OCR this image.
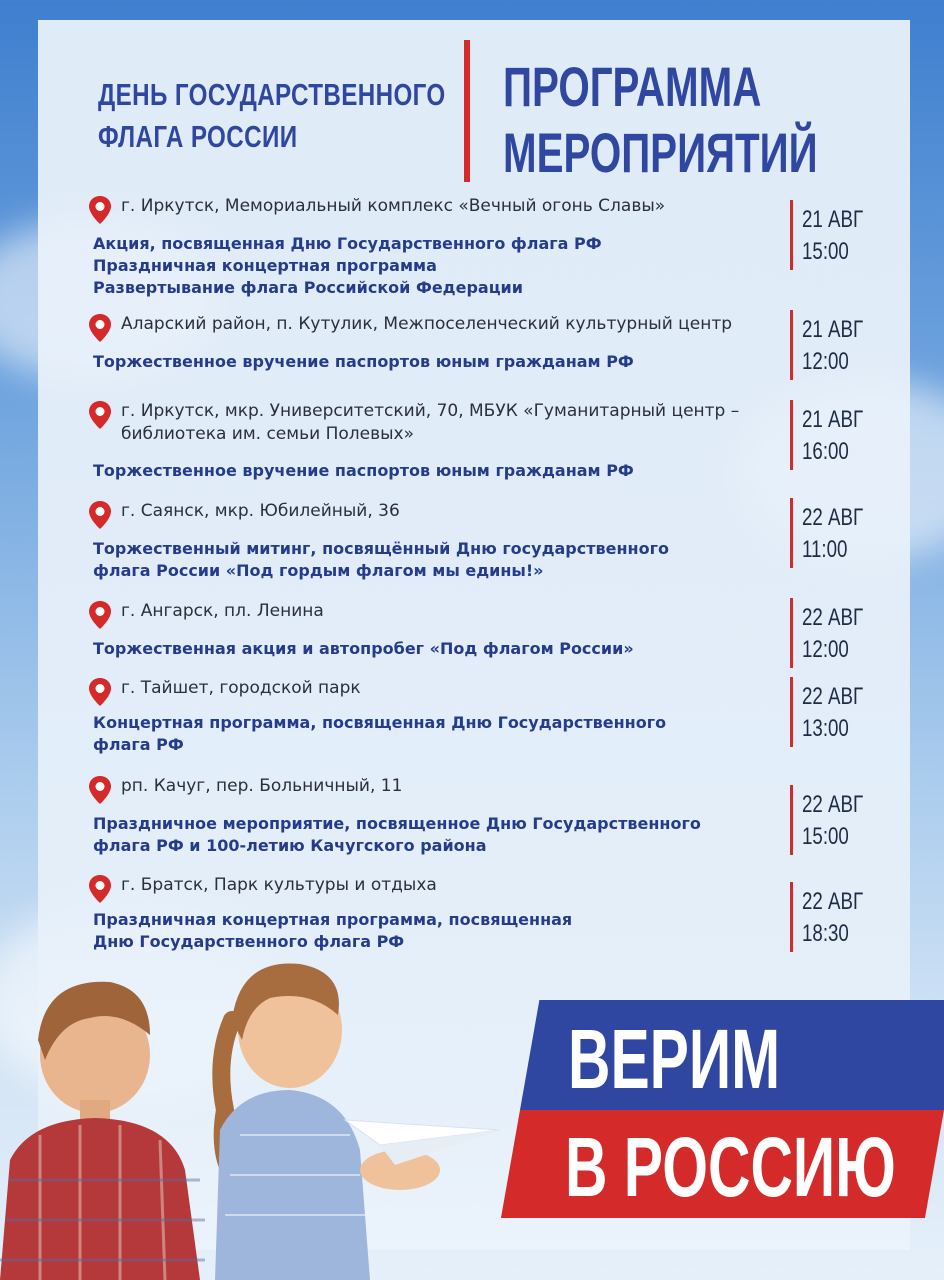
ДЕНЬ ГОСУДАРСТВЕННОГО
ФЛАГА РОССИИ
ПРОГРАММА
МЕРОПРИЯТИЙ
г. Иркутск, Мемориальный комплекс «Вечный огонь Славы»
Акция, посвященная Дню Государственного флага РФ
Праздничная концертная программа
Развертывание флага Российской Федерации
21 АВГ
15:00
Аларский район, п. Кутулик, Межпоселенческий культурный центр
Торжественное вручение паспортов юным гражданам РФ
21 АВГ
12:00
г. Иркутск, мкр. Университетский, 70, МБУК «Гуманитарный центр –
библиотека им. семьи Полевых»
Торжественное вручение паспортов юным гражданам РФ
21 АВГ
16:00
г. Саянск, мкр. Юбилейный, 36
Торжественный митинг, посвящённый Дню государственного
флага России «Под гордым флагом мы едины!»
22 АВГ
11:00
г. Ангарск, пл. Ленина
Торжественная акция и автопробег «Под флагом России»
22 АВГ
12:00
г. Тайшет, городской парк
Концертная программа, посвященная Дню Государственного
флага РФ
22 АВГ
13:00
рп. Качуг, пер. Больничный, 11
Праздничное мероприятие, посвященное Дню Государственного
флага РФ и 100-летию Качугского района
22 АВГ
15:00
г. Братск, Парк культуры и отдыха
Праздничная концертная программа, посвященная
Дню Государственного флага РФ
22 АВГ
18:30
ВЕРИМ
В РОССИЮ
